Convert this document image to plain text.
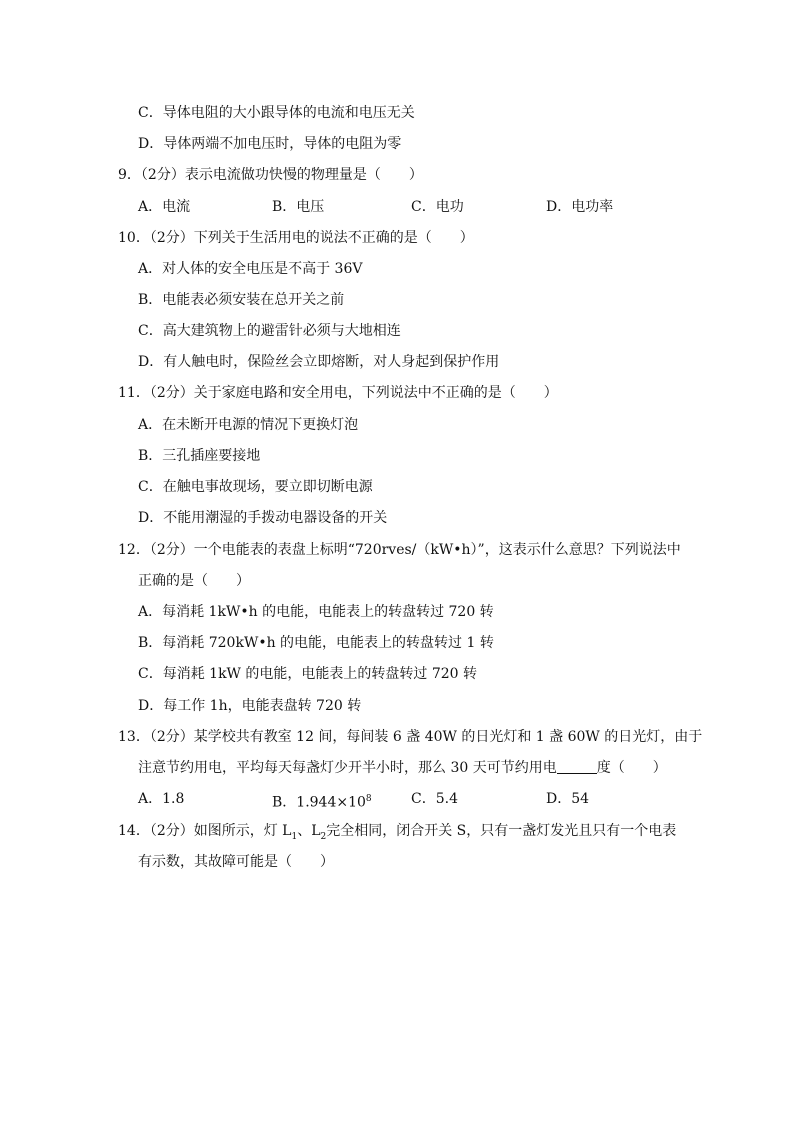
C．导体电阻的大小跟导体的电流和电压无关
D．导体两端不加电压时，导体的电阻为零
9．（2分）表示电流做功快慢的物理量是（　　）
A．电流	B．电压	C．电功	D．电功率
10．（2分）下列关于生活用电的说法不正确的是（　　）
A．对人体的安全电压是不高于 36V
B．电能表必须安装在总开关之前
C．高大建筑物上的避雷针必须与大地相连
D．有人触电时，保险丝会立即熔断，对人身起到保护作用
11．（2分）关于家庭电路和安全用电，下列说法中不正确的是（　　）
A．在未断开电源的情况下更换灯泡
B．三孔插座要接地
C．在触电事故现场，要立即切断电源
D．不能用潮湿的手拨动电器设备的开关
12．（2分）一个电能表的表盘上标明“720rves/（kW•h）”，这表示什么意思？下列说法中
正确的是（　　）
A．每消耗 1kW•h 的电能，电能表上的转盘转过 720 转
B．每消耗 720kW•h 的电能，电能表上的转盘转过 1 转
C．每消耗 1kW 的电能，电能表上的转盘转过 720 转
D．每工作 1h，电能表盘转 720 转
13．（2分）某学校共有教室 12 间，每间装 6 盏 40W 的日光灯和 1 盏 60W 的日光灯，由于
注意节约用电，平均每天每盏灯少开半小时，那么 30 天可节约用电	度（　　）
A．1.8	B．$1.944\times 10^8$	C．5.4	D．54
14．（2分）如图所示，灯 $L_1$、$L_2$完全相同，闭合开关 S，只有一盏灯发光且只有一个电表
有示数，其故障可能是（　　）
